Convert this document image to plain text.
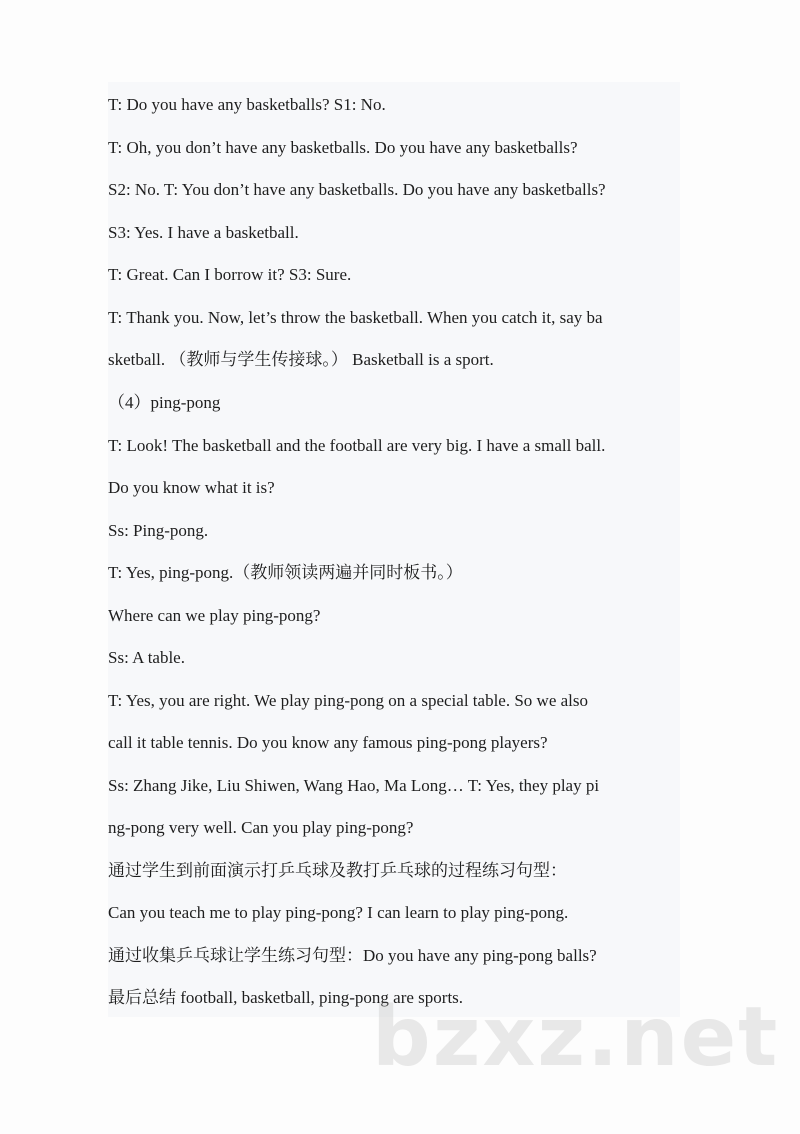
T: Do you have any basketballs? S1: No.
T: Oh, you don’t have any basketballs. Do you have any basketballs?
S2: No. T: You don’t have any basketballs. Do you have any basketballs?
S3: Yes. I have a basketball.
T: Great. Can I borrow it? S3: Sure.
T: Thank you. Now, let’s throw the basketball. When you catch it, say ba
sketball. （教师与学生传接球。） Basketball is a sport.
（4）ping-pong
T: Look! The basketball and the football are very big. I have a small ball.
Do you know what it is?
Ss: Ping-pong.
T: Yes, ping-pong.（教师领读两遍并同时板书。）
Where can we play ping-pong?
Ss: A table.
T: Yes, you are right. We play ping-pong on a special table. So we also
call it table tennis. Do you know any famous ping-pong players?
Ss: Zhang Jike, Liu Shiwen, Wang Hao, Ma Long… T: Yes, they play pi
ng-pong very well. Can you play ping-pong?
通过学生到前面演示打乒乓球及教打乒乓球的过程练习句型：
Can you teach me to play ping-pong? I can learn to play ping-pong.
通过收集乒乓球让学生练习句型：Do you have any ping-pong balls?
最后总结 football, basketball, ping-pong are sports.
bzxz.net
